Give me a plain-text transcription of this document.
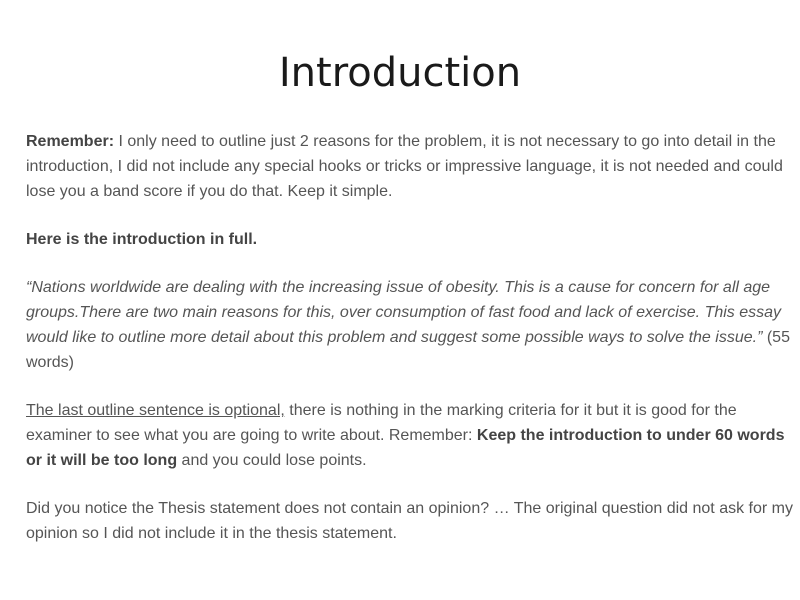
Introduction

Remember: I only need to outline just 2 reasons for the problem, it is not necessary to go into detail in the introduction, I did not include any special hooks or tricks or impressive language, it is not needed and could lose you a band score if you do that. Keep it simple.

Here is the introduction in full.

“Nations worldwide are dealing with the increasing issue of obesity. This is a cause for concern for all age groups.There are two main reasons for this, over consumption of fast food and lack of exercise. This essay would like to outline more detail about this problem and suggest some possible ways to solve the issue.” (55 words)

The last outline sentence is optional, there is nothing in the marking criteria for it but it is good for the examiner to see what you are going to write about. Remember: Keep the introduction to under 60 words or it will be too long and you could lose points.

Did you notice the Thesis statement does not contain an opinion? … The original question did not ask for my opinion so I did not include it in the thesis statement.
